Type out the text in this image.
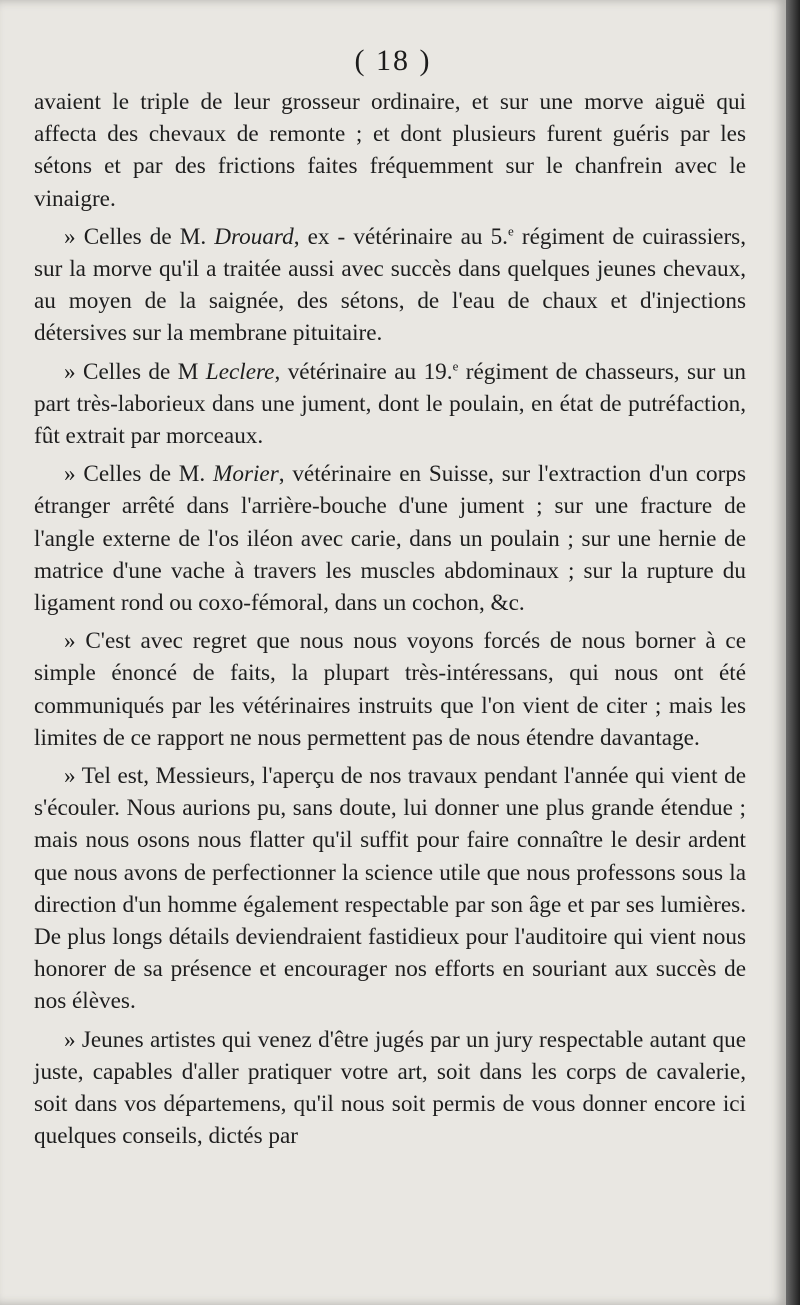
( 18 )

avaient le triple de leur grosseur ordinaire, et sur une morve aiguë qui affecta des chevaux de remonte ; et dont plusieurs furent guéris par les sétons et par des frictions faites fréquemment sur le chanfrein avec le vinaigre.

» Celles de M. Drouard, ex - vétérinaire au 5.$^e$ régiment de cuirassiers, sur la morve qu'il a traitée aussi avec succès dans quelques jeunes chevaux, au moyen de la saignée, des sétons, de l'eau de chaux et d'injections détersives sur la membrane pituitaire.

» Celles de M Leclere, vétérinaire au 19.$^e$ régiment de chasseurs, sur un part très-laborieux dans une jument, dont le poulain, en état de putréfaction, fût extrait par morceaux.

» Celles de M. Morier, vétérinaire en Suisse, sur l'extraction d'un corps étranger arrêté dans l'arrière-bouche d'une jument ; sur une fracture de l'angle externe de l'os iléon avec carie, dans un poulain ; sur une hernie de matrice d'une vache à travers les muscles abdominaux ; sur la rupture du ligament rond ou coxo-fémoral, dans un cochon, &c.

» C'est avec regret que nous nous voyons forcés de nous borner à ce simple énoncé de faits, la plupart très-intéressans, qui nous ont été communiqués par les vétérinaires instruits que l'on vient de citer ; mais les limites de ce rapport ne nous permettent pas de nous étendre davantage.

» Tel est, Messieurs, l'aperçu de nos travaux pendant l'année qui vient de s'écouler. Nous aurions pu, sans doute, lui donner une plus grande étendue ; mais nous osons nous flatter qu'il suffit pour faire connaître le desir ardent que nous avons de perfectionner la science utile que nous professons sous la direction d'un homme également respectable par son âge et par ses lumières. De plus longs détails deviendraient fastidieux pour l'auditoire qui vient nous honorer de sa présence et encourager nos efforts en souriant aux succès de nos élèves.

» Jeunes artistes qui venez d'être jugés par un jury respectable autant que juste, capables d'aller pratiquer votre art, soit dans les corps de cavalerie, soit dans vos départemens, qu'il nous soit permis de vous donner encore ici quelques conseils, dictés par
